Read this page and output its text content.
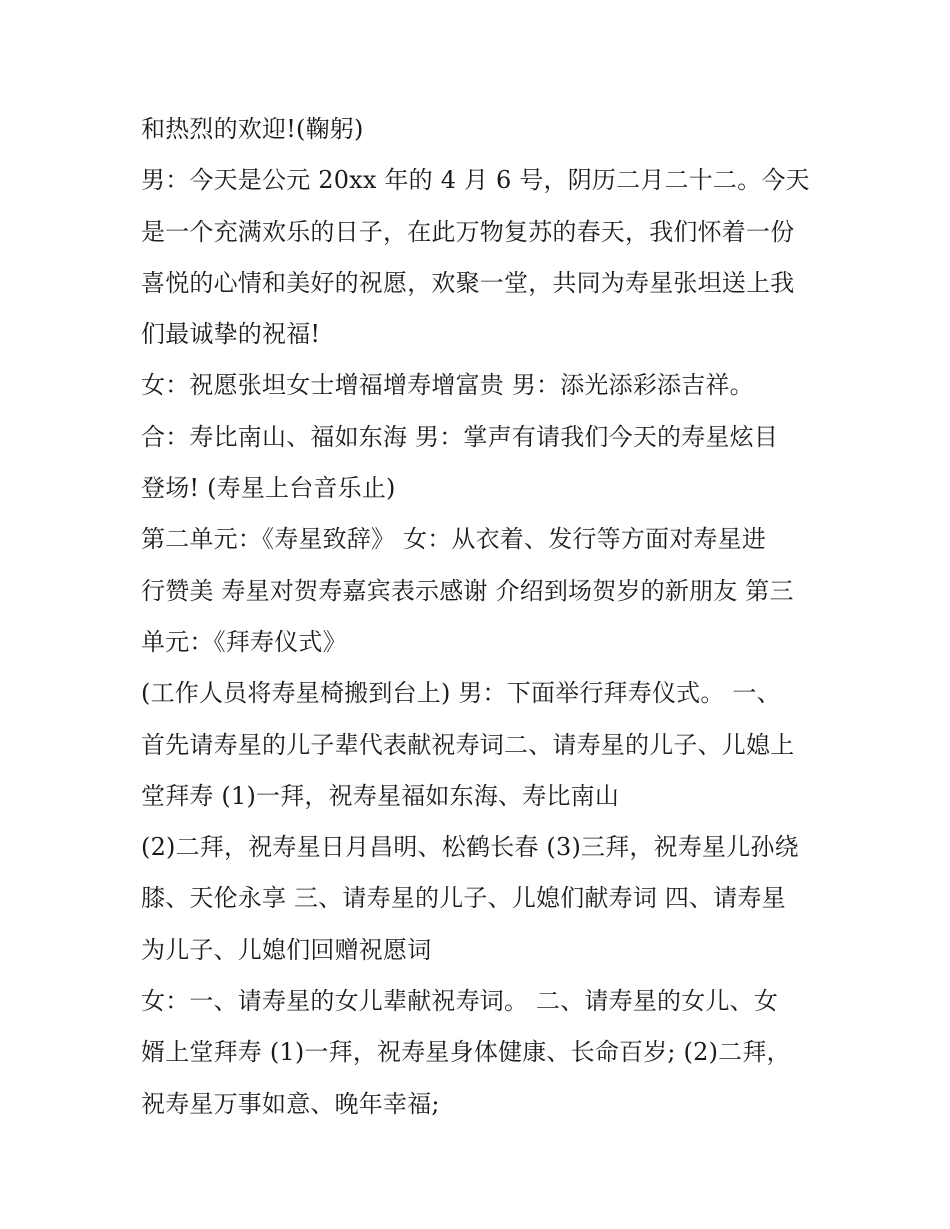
和热烈的欢迎!(鞠躬)
男：今天是公元 20xx 年的 4 月 6 号，阴历二月二十二。今天
是一个充满欢乐的日子，在此万物复苏的春天，我们怀着一份
喜悦的心情和美好的祝愿，欢聚一堂，共同为寿星张坦送上我
们最诚挚的祝福!
女：祝愿张坦女士增福增寿增富贵 男：添光添彩添吉祥。
合：寿比南山、福如东海 男：掌声有请我们今天的寿星炫目
登场! (寿星上台音乐止)
第二单元：《寿星致辞》 女：从衣着、发行等方面对寿星进
行赞美 寿星对贺寿嘉宾表示感谢 介绍到场贺岁的新朋友 第三
单元：《拜寿仪式》
(工作人员将寿星椅搬到台上) 男：下面举行拜寿仪式。 一、
首先请寿星的儿子辈代表献祝寿词二、请寿星的儿子、儿媳上
堂拜寿 (1)一拜，祝寿星福如东海、寿比南山
(2)二拜，祝寿星日月昌明、松鹤长春 (3)三拜，祝寿星儿孙绕
膝、天伦永享 三、请寿星的儿子、儿媳们献寿词 四、请寿星
为儿子、儿媳们回赠祝愿词
女：一、请寿星的女儿辈献祝寿词。 二、请寿星的女儿、女
婿上堂拜寿 (1)一拜，祝寿星身体健康、长命百岁; (2)二拜，
祝寿星万事如意、晚年幸福;
